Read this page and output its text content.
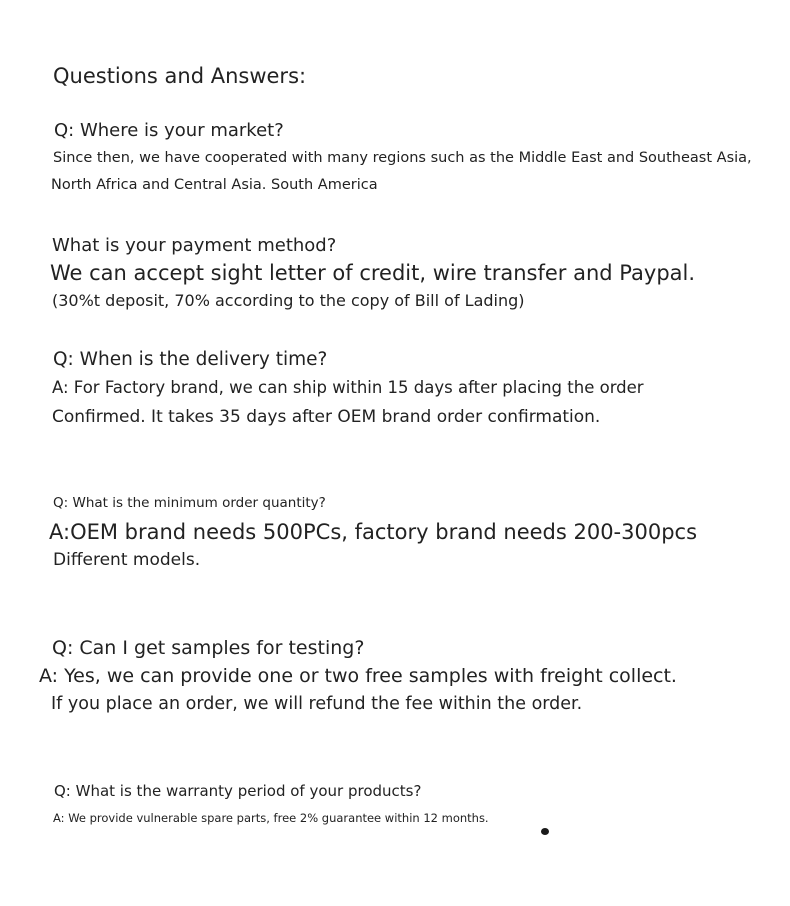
Questions and Answers:
Q: Where is your market?
Since then, we have cooperated with many regions such as the Middle East and Southeast Asia,
North Africa and Central Asia. South America
What is your payment method?
We can accept sight letter of credit, wire transfer and Paypal.
(30%t deposit, 70% according to the copy of Bill of Lading)
Q: When is the delivery time?
A: For Factory brand, we can ship within 15 days after placing the order
Confirmed. It takes 35 days after OEM brand order confirmation.
Q: What is the minimum order quantity?
A:OEM brand needs 500PCs, factory brand needs 200-300pcs
Different models.
Q: Can I get samples for testing?
A: Yes, we can provide one or two free samples with freight collect.
If you place an order, we will refund the fee within the order.
Q: What is the warranty period of your products?
A: We provide vulnerable spare parts, free 2% guarantee within 12 months.
